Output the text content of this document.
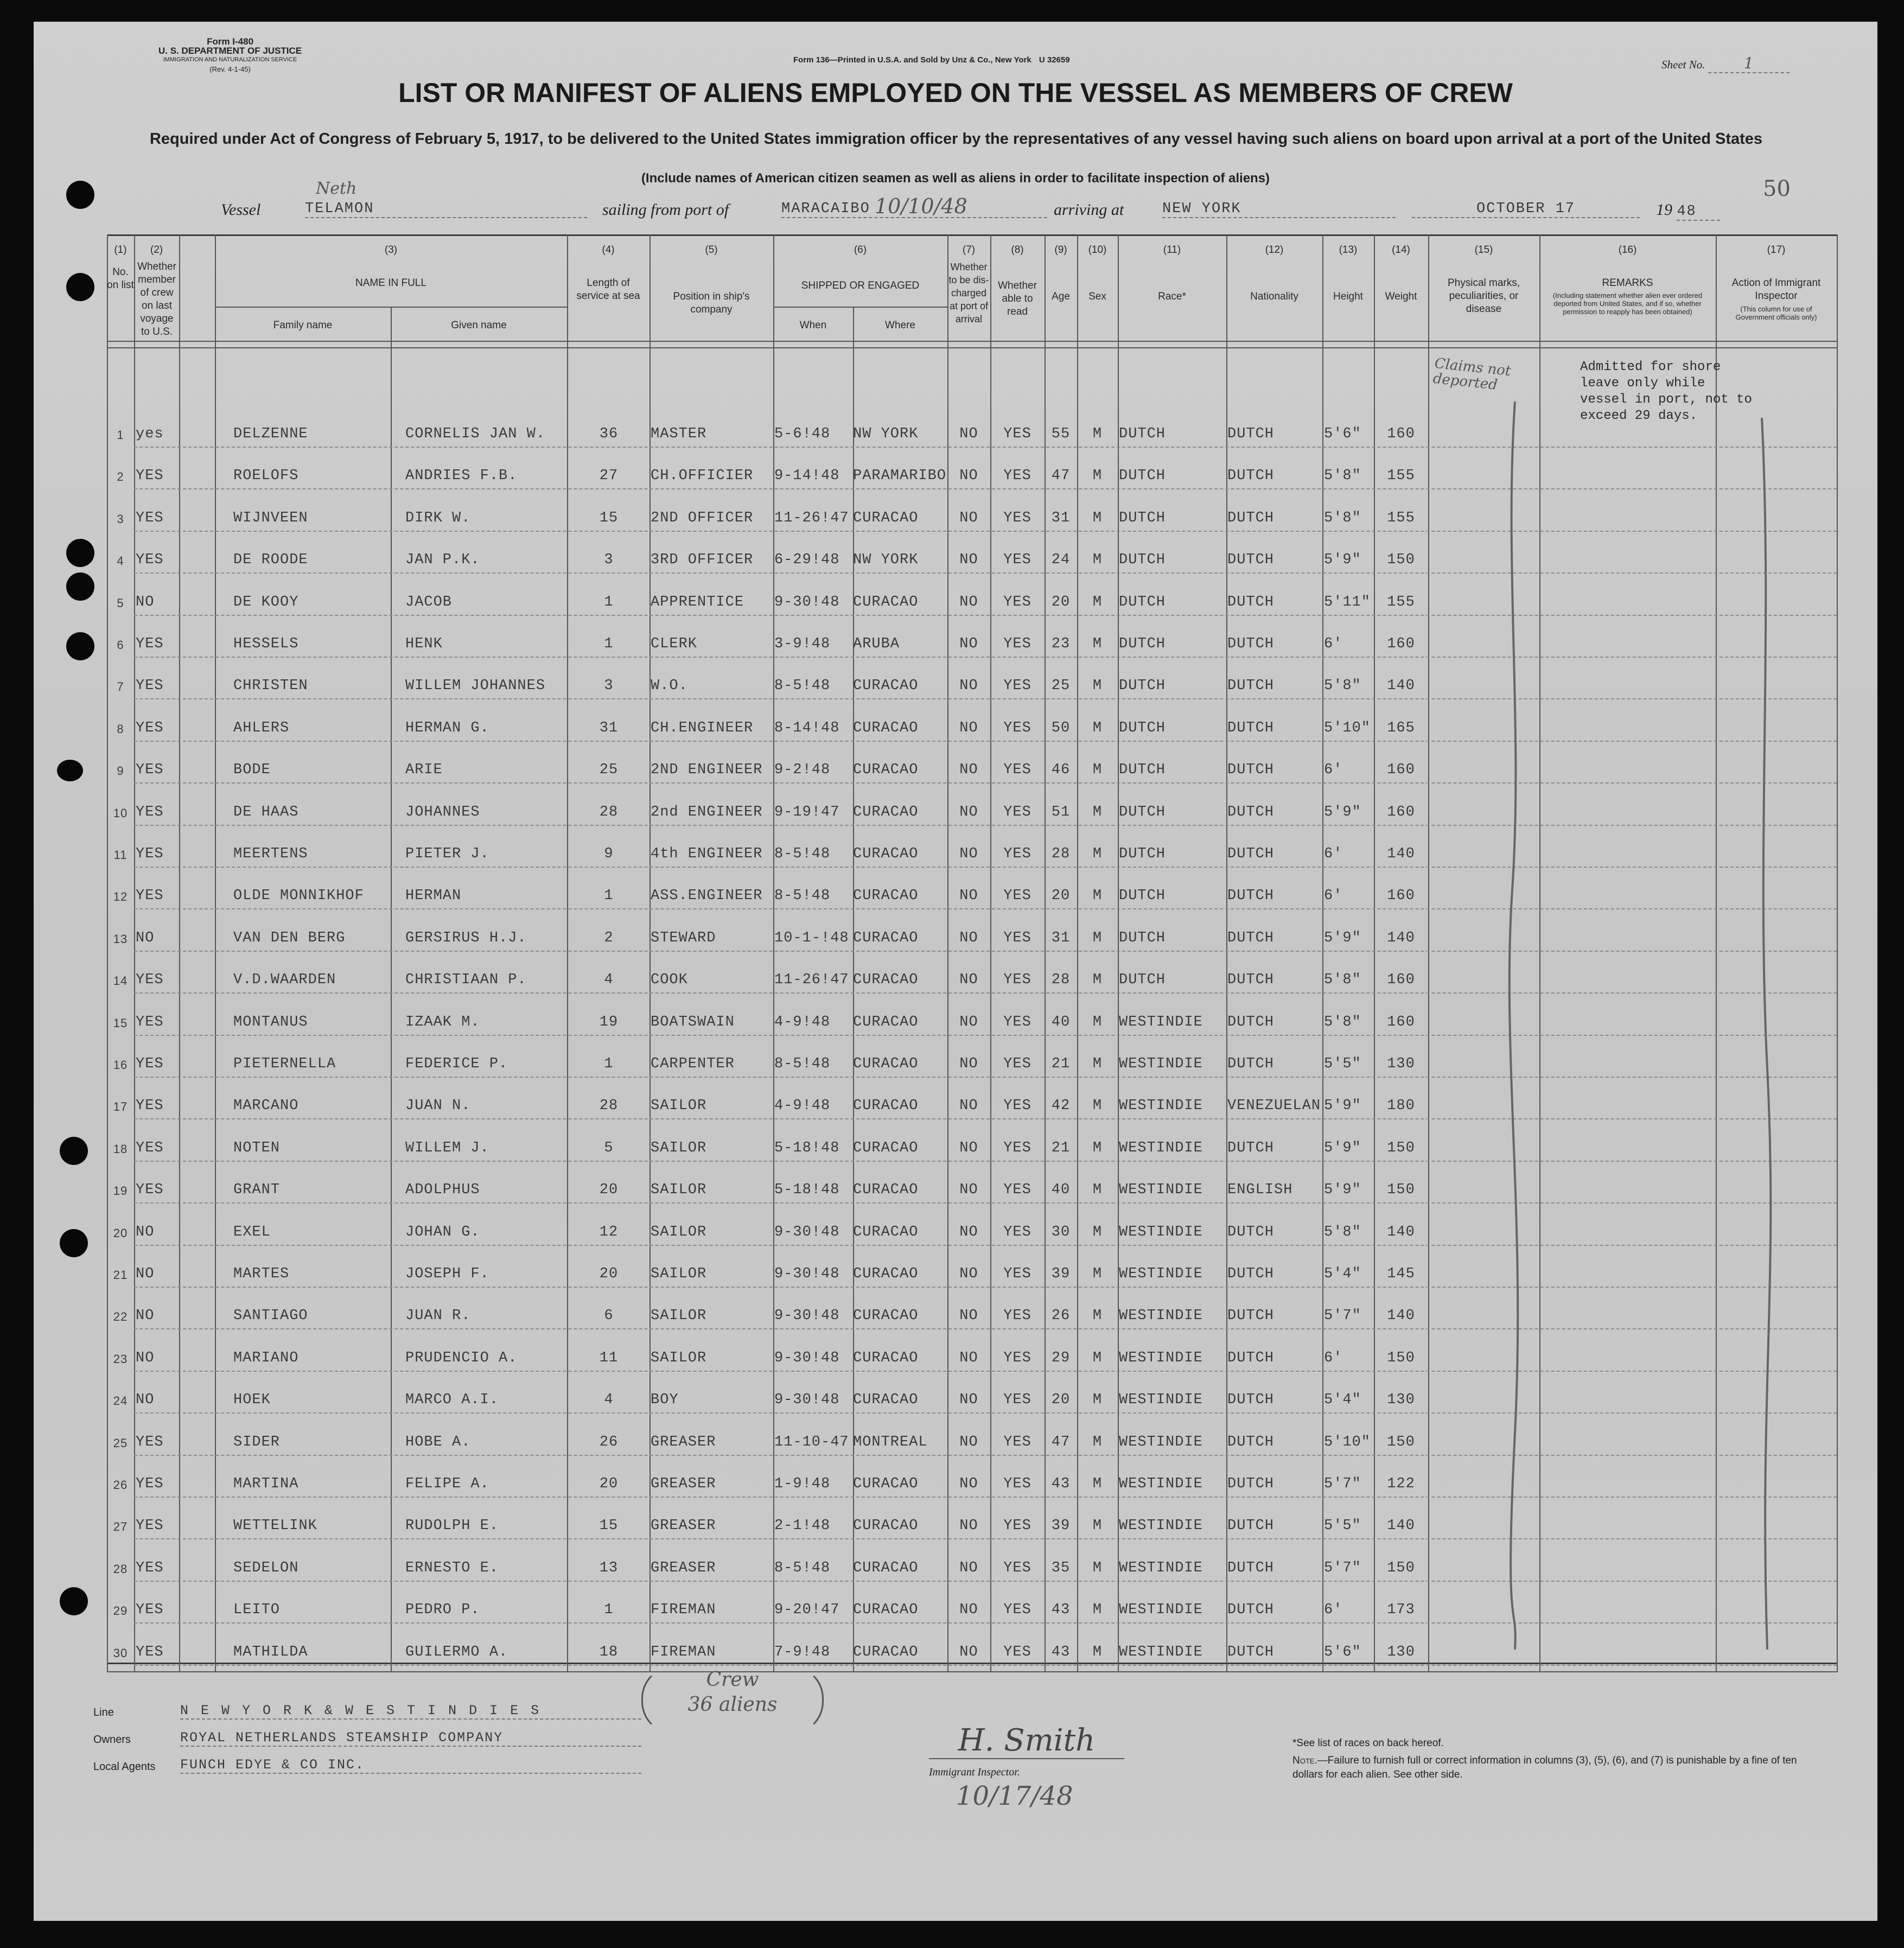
Form I-480
U. S. DEPARTMENT OF JUSTICE
IMMIGRATION AND NATURALIZATION SERVICE
(Rev. 4-1-45)
Form 136—Printed in U.S.A. and Sold by Unz & Co., New York U 32659	Sheet No.	1
LIST OR MANIFEST OF ALIENS EMPLOYED ON THE VESSEL AS MEMBERS OF CREW
Required under Act of Congress of February 5, 1917, to be delivered to the United States immigration officer by the representatives of any vessel having such aliens on board upon arrival at a port of the United States
(Include names of American citizen seamen as well as aliens in order to facilitate inspection of aliens)	50
Vessel
Neth
TELAMON	sailing from port of	MARACAIBO 10/10/48	arriving at	NEW YORK	OCTOBER 17	19 48
(1)
No. on list
(2)
Whether member of crew on last voyage to U.S.
(3)
NAME IN FULL
Family name	Given name
(4)
Length of service at sea
(5)
Position in ship's company
(6)
SHIPPED OR ENGAGED
When	Where
(7)
Whether to be dis-charged at port of arrival
(8)
Whether able to read
(9)
Age
(10)
Sex
(11)
Race*
(12)
Nationality
(13)
Height
(14)
Weight
(15)
Physical marks, peculiarities, or disease
(16)
REMARKS
(Including statement whether alien ever ordered deported from United States, and if so, whether permission to reapply has been obtained)
(17)
Action of Immigrant Inspector
(This column for use of Government officials only)
1 yes	DELZENNE	CORNELIS JAN W.	36	MASTER	5-6!48	NW YORK	NO	YES	55	M	DUTCH	DUTCH	5'6"	160
2 YES	ROELOFS	ANDRIES F.B.	27	CH.OFFICIER	9-14!48 PARAMARIBO NO	YES	47	M	DUTCH	DUTCH	5'8"	155
3 YES	WIJNVEEN	DIRK W.	15	2ND OFFICER	11-26!47 CURACAO	NO	YES	31	M	DUTCH	DUTCH	5'8"	155
4 YES	DE ROODE	JAN P.K.	3	3RD OFFICER	6-29!48 NW YORK	NO	YES	24	M	DUTCH	DUTCH	5'9"	150
5 NO	DE KOOY	JACOB	1	APPRENTICE	9-30!48 CURACAO	NO	YES	20	M	DUTCH	DUTCH	5'11"	155
6 YES	HESSELS	HENK	1	CLERK	3-9!48	ARUBA	NO	YES	23	M	DUTCH	DUTCH	6'	160
7 YES	CHRISTEN	WILLEM JOHANNES	3	W.O.	8-5!48	CURACAO	NO	YES	25	M	DUTCH	DUTCH	5'8"	140
8 YES	AHLERS	HERMAN G.	31	CH.ENGINEER	8-14!48 CURACAO	NO	YES	50	M	DUTCH	DUTCH	5'10"	165
9 YES	BODE	ARIE	25	2ND ENGINEER 9-2!48	CURACAO	NO	YES	46	M	DUTCH	DUTCH	6'	160
10 YES	DE HAAS	JOHANNES	28	2nd ENGINEER 9-19!47 CURACAO	NO	YES	51	M	DUTCH	DUTCH	5'9"	160
11 YES	MEERTENS	PIETER J.	9	4th ENGINEER 8-5!48	CURACAO	NO	YES	28	M	DUTCH	DUTCH	6'	140
12 YES	OLDE MONNIKHOF	HERMAN	1	ASS.ENGINEER 8-5!48	CURACAO	NO	YES	20	M	DUTCH	DUTCH	6'	160
13 NO	VAN DEN BERG	GERSIRUS H.J.	2	STEWARD	10-1-!48 CURACAO	NO	YES	31	M	DUTCH	DUTCH	5'9"	140
14 YES	V.D.WAARDEN	CHRISTIAAN P.	4	COOK	11-26!47 CURACAO	NO	YES	28	M	DUTCH	DUTCH	5'8"	160
15 YES	MONTANUS	IZAAK M.	19	BOATSWAIN	4-9!48	CURACAO	NO	YES	40	M	WESTINDIE	DUTCH	5'8"	160
16 YES	PIETERNELLA	FEDERICE P.	1	CARPENTER	8-5!48	CURACAO	NO	YES	21	M	WESTINDIE	DUTCH	5'5"	130
17 YES	MARCANO	JUAN N.	28	SAILOR	4-9!48	CURACAO	NO	YES	42	M	WESTINDIE	VENEZUELAN 5'9"	180
18 YES	NOTEN	WILLEM J.	5	SAILOR	5-18!48 CURACAO	NO	YES	21	M	WESTINDIE	DUTCH	5'9"	150
19 YES	GRANT	ADOLPHUS	20	SAILOR	5-18!48 CURACAO	NO	YES	40	M	WESTINDIE	ENGLISH	5'9"	150
20 NO	EXEL	JOHAN G.	12	SAILOR	9-30!48 CURACAO	NO	YES	30	M	WESTINDIE	DUTCH	5'8"	140
21 NO	MARTES	JOSEPH F.	20	SAILOR	9-30!48 CURACAO	NO	YES	39	M	WESTINDIE	DUTCH	5'4"	145
22 NO	SANTIAGO	JUAN R.	6	SAILOR	9-30!48 CURACAO	NO	YES	26	M	WESTINDIE	DUTCH	5'7"	140
23 NO	MARIANO	PRUDENCIO A.	11	SAILOR	9-30!48 CURACAO	NO	YES	29	M	WESTINDIE	DUTCH	6'	150
24 NO	HOEK	MARCO A.I.	4	BOY	9-30!48 CURACAO	NO	YES	20	M	WESTINDIE	DUTCH	5'4"	130
25 YES	SIDER	HOBE A.	26	GREASER	11-10-47 MONTREAL	NO	YES	47	M	WESTINDIE	DUTCH	5'10"	150
26 YES	MARTINA	FELIPE A.	20	GREASER	1-9!48	CURACAO	NO	YES	43	M	WESTINDIE	DUTCH	5'7"	122
27 YES	WETTELINK	RUDOLPH E.	15	GREASER	2-1!48	CURACAO	NO	YES	39	M	WESTINDIE	DUTCH	5'5"	140
28 YES	SEDELON	ERNESTO E.	13	GREASER	8-5!48	CURACAO	NO	YES	35	M	WESTINDIE	DUTCH	5'7"	150
29 YES	LEITO	PEDRO P.	1	FIREMAN	9-20!47 CURACAO	NO	YES	43	M	WESTINDIE	DUTCH	6'	173
30 YES	MATHILDA	GUILERMO A.	18	FIREMAN	7-9!48	CURACAO	NO	YES	43	M	WESTINDIE	DUTCH	5'6"	130
Claims not deported
Admitted for shore leave only while vessel in port, not to exceed 29 days.
Line	N E W Y O R K & W E S T I N D I E S
Owners	ROYAL NETHERLANDS STEAMSHIP COMPANY
Local Agents FUNCH EDYE & CO INC.
Crew
36 aliens
H. Smith
Immigrant Inspector.
10/17/48
*See list of races on back hereof.
Note.—Failure to furnish full or correct information in columns (3), (5), (6), and (7) is punishable by a fine of ten dollars for each alien. See other side.
